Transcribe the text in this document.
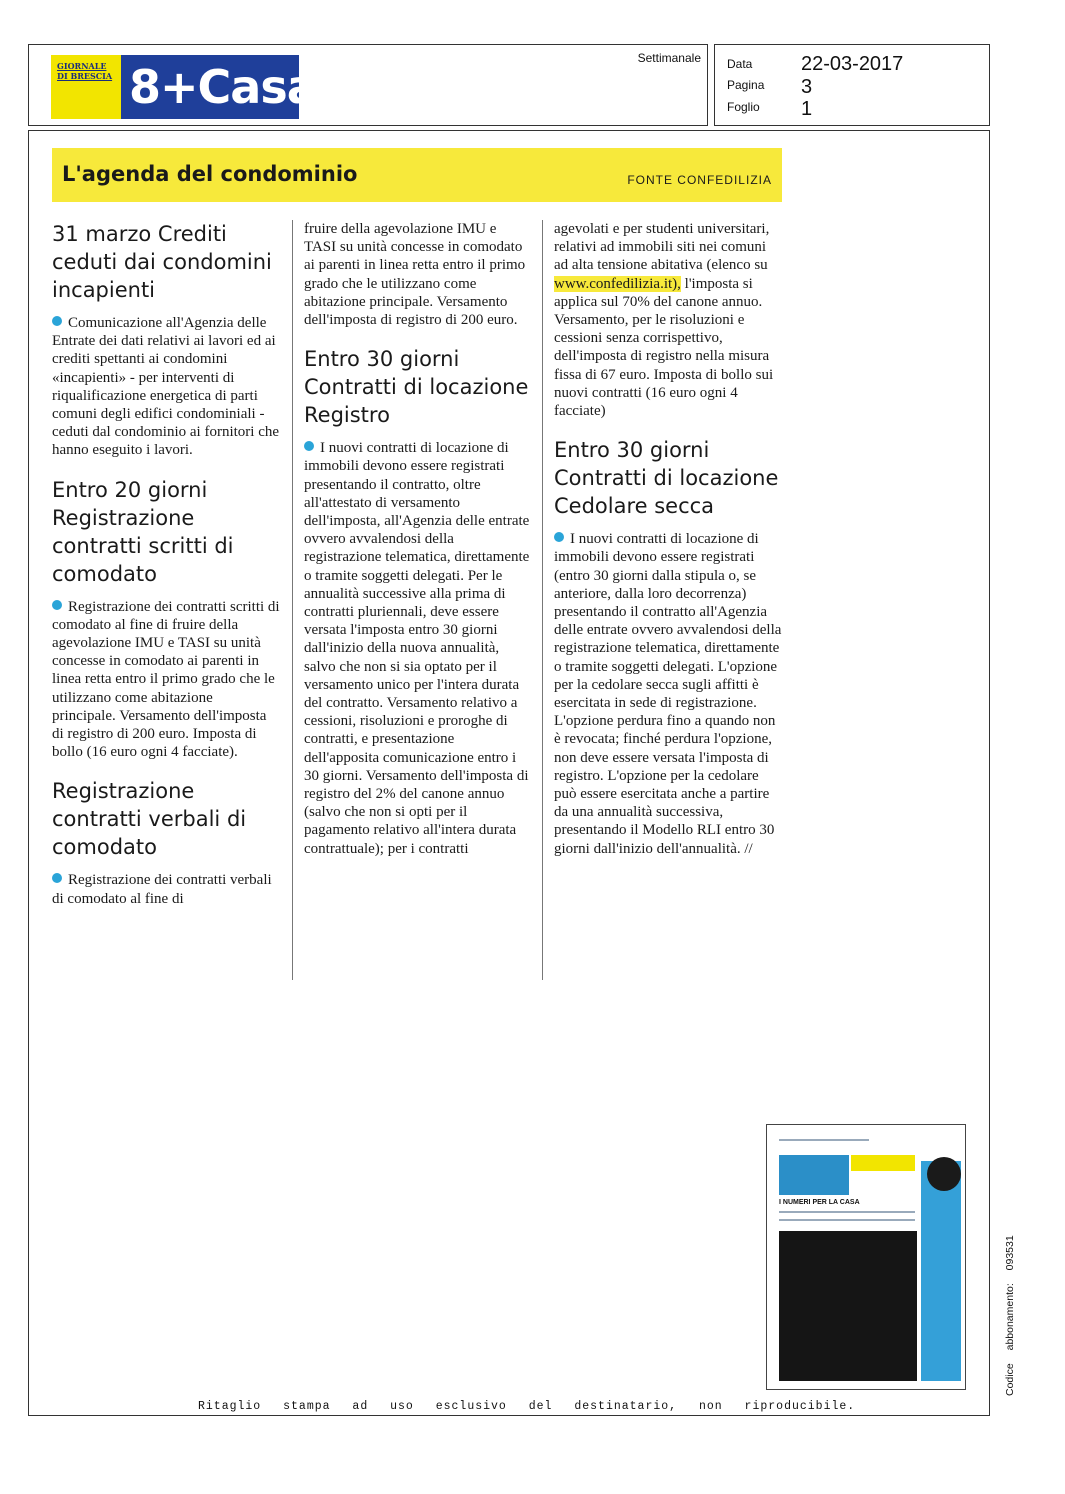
GIORNALE DI BRESCIA 8+Casa
Settimanale Data	22-03-2017
Pagina	3
Foglio	1
L'agenda del condominio	FONTE CONFEDILIZIA
31 marzo Crediti ceduti dai condomini incapienti

Comunicazione all'Agenzia delle Entrate dei dati relativi ai lavori ed ai crediti spettanti ai condomini «incapienti» - per interventi di riqualificazione energetica di parti comuni degli edifici condominiali - ceduti dal condominio ai fornitori che hanno eseguito i lavori.

Entro 20 giorni Registrazione contratti scritti di comodato

Registrazione dei contratti scritti di comodato al fine di fruire della agevolazione IMU e TASI su unità concesse in comodato ai parenti in linea retta entro il primo grado che le utilizzano come abitazione principale. Versamento dell'imposta di registro di 200 euro. Imposta di bollo (16 euro ogni 4 facciate).

Registrazione contratti verbali di comodato

Registrazione dei contratti verbali di comodato al fine di

fruire della agevolazione IMU e TASI su unità concesse in comodato ai parenti in linea retta entro il primo grado che le utilizzano come abitazione principale. Versamento dell'imposta di registro di 200 euro.

Entro 30 giorni Contratti di locazione Registro

I nuovi contratti di locazione di immobili devono essere registrati presentando il contratto, oltre all'attestato di versamento dell'imposta, all'Agenzia delle entrate ovvero avvalendosi della registrazione telematica, direttamente o tramite soggetti delegati. Per le annualità successive alla prima di contratti pluriennali, deve essere versata l'imposta entro 30 giorni dall'inizio della nuova annualità, salvo che non si sia optato per il versamento unico per l'intera durata del contratto. Versamento relativo a cessioni, risoluzioni e proroghe di contratti, e presentazione dell'apposita comunicazione entro i 30 giorni. Versamento dell'imposta di registro del 2% del canone annuo (salvo che non si opti per il pagamento relativo all'intera durata contrattuale); per i contratti

agevolati e per studenti universitari, relativi ad immobili siti nei comuni ad alta tensione abitativa (elenco su www.confedilizia.it), l'imposta si applica sul 70% del canone annuo. Versamento, per le risoluzioni e cessioni senza corrispettivo, dell'imposta di registro nella misura fissa di 67 euro. Imposta di bollo sui nuovi contratti (16 euro ogni 4 facciate)

Entro 30 giorni Contratti di locazione Cedolare secca

I nuovi contratti di locazione di immobili devono essere registrati (entro 30 giorni dalla stipula o, se anteriore, dalla loro decorrenza) presentando il contratto all'Agenzia delle entrate ovvero avvalendosi della registrazione telematica, direttamente o tramite soggetti delegati. L'opzione per la cedolare secca sugli affitti è esercitata in sede di registrazione. L'opzione perdura fino a quando non è revocata; finché perdura l'opzione, non deve essere versata l'imposta di registro. L'opzione per la cedolare può essere esercitata anche a partire da una annualità successiva, presentando il Modello RLI entro 30 giorni dall'inizio dell'annualità. //

I NUMERI PER LA CASA
Ritaglio stampa ad uso esclusivo del destinatario, non riproducibile.
Codice abbonamento: 093531
